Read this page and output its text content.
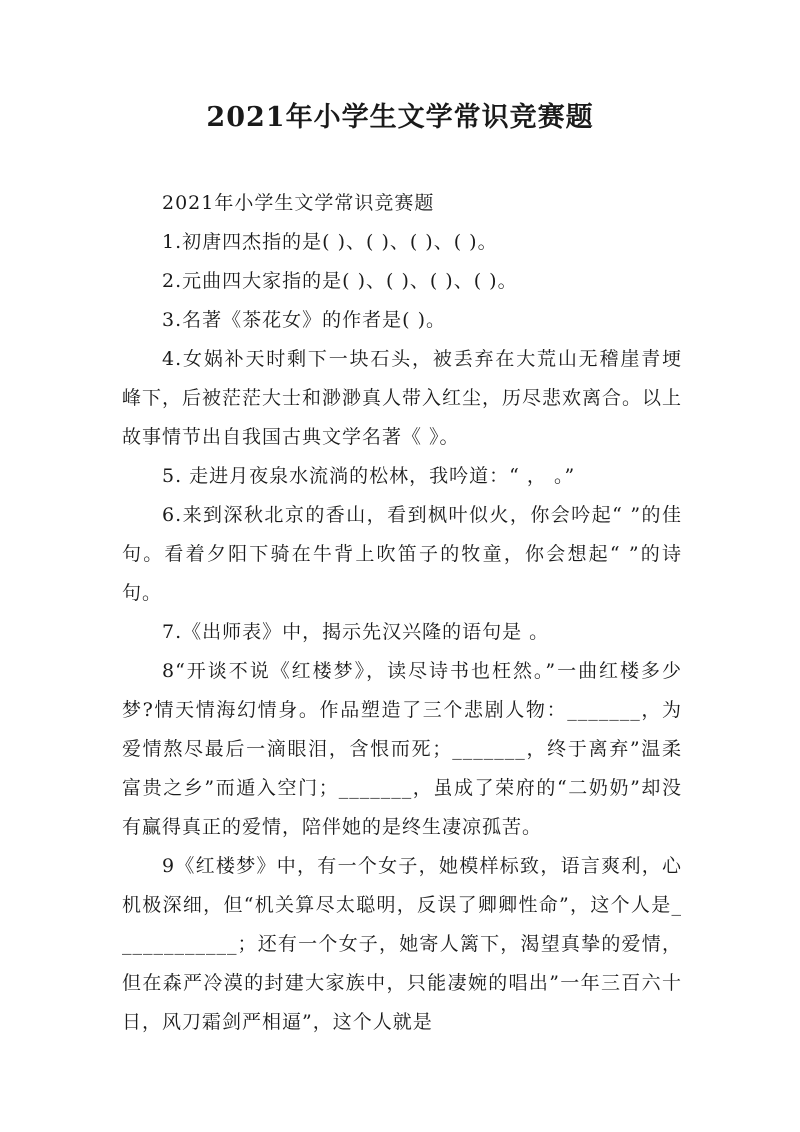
2021年小学生文学常识竞赛题

2021年小学生文学常识竞赛题

1.初唐四杰指的是( )、( )、( )、( )。

2.元曲四大家指的是( )、( )、( )、( )。

3.名著《茶花女》的作者是( )。

4.女娲补天时剩下一块石头，被丢弃在大荒山无稽崖青埂峰下，后被茫茫大士和渺渺真人带入红尘，历尽悲欢离合。以上故事情节出自我国古典文学名著《 》。

5. 走进月夜泉水流淌的松林，我吟道：“ ， 。”

6.来到深秋北京的香山，看到枫叶似火，你会吟起“ ”的佳句。看着夕阳下骑在牛背上吹笛子的牧童，你会想起“ ”的诗句。

7.《出师表》中，揭示先汉兴隆的语句是 。

8“开谈不说《红楼梦》，读尽诗书也枉然。”一曲红楼多少梦?情天情海幻情身。作品塑造了三个悲剧人物：_______，为爱情熬尽最后一滴眼泪，含恨而死；_______，终于离弃”温柔富贵之乡”而遁入空门；_______，虽成了荣府的“二奶奶”却没有赢得真正的爱情，陪伴她的是终生凄凉孤苦。

9《红楼梦》中，有一个女子，她模样标致，语言爽利，心机极深细，但“机关算尽太聪明，反误了卿卿性命”，这个人是____________；还有一个女子，她寄人篱下，渴望真挚的爱情，但在森严冷漠的封建大家族中，只能凄婉的唱出”一年三百六十日，风刀霜剑严相逼”，这个人就是
